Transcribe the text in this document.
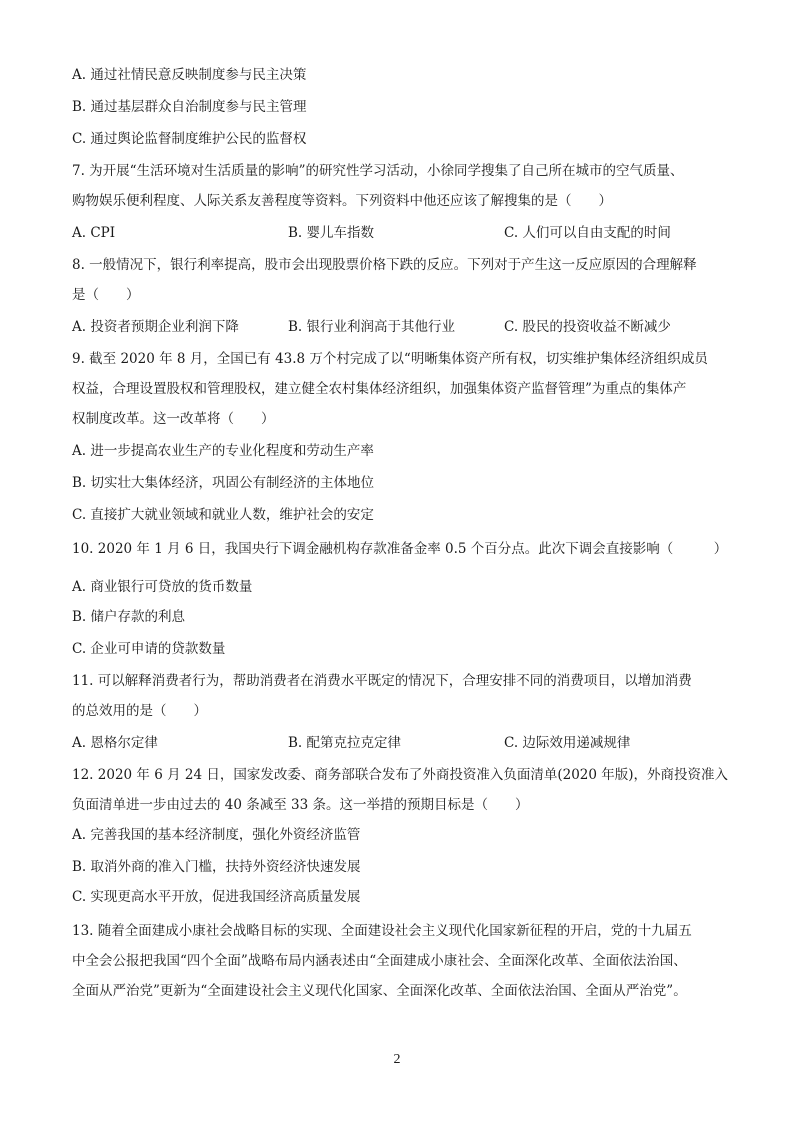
A. 通过社情民意反映制度参与民主决策
B. 通过基层群众自治制度参与民主管理
C. 通过舆论监督制度维护公民的监督权
7. 为开展“生活环境对生活质量的影响”的研究性学习活动，小徐同学搜集了自己所在城市的空气质量、
购物娱乐便利程度、人际关系友善程度等资料。下列资料中他还应该了解搜集的是（　　）
A. CPI	B. 婴儿车指数	C. 人们可以自由支配的时间
8. 一般情况下，银行利率提高，股市会出现股票价格下跌的反应。下列对于产生这一反应原因的合理解释
是（　　）
A. 投资者预期企业利润下降	B. 银行业利润高于其他行业	C. 股民的投资收益不断减少
9. 截至 2020 年 8 月，全国已有 43.8 万个村完成了以“明晰集体资产所有权，切实维护集体经济组织成员
权益，合理设置股权和管理股权，建立健全农村集体经济组织，加强集体资产监督管理”为重点的集体产
权制度改革。这一改革将（　　）
A. 进一步提高农业生产的专业化程度和劳动生产率
B. 切实壮大集体经济，巩固公有制经济的主体地位
C. 直接扩大就业领域和就业人数，维护社会的安定
10. 2020 年 1 月 6 日，我国央行下调金融机构存款准备金率 0.5 个百分点。此次下调会直接影响（　　　）
A. 商业银行可贷放的货币数量
B. 储户存款的利息
C. 企业可申请的贷款数量
11. 可以解释消费者行为，帮助消费者在消费水平既定的情况下，合理安排不同的消费项目，以增加消费
的总效用的是（　　）
A. 恩格尔定律	B. 配第克拉克定律	C. 边际效用递减规律
12. 2020 年 6 月 24 日，国家发改委、商务部联合发布了外商投资准入负面清单(2020 年版)，外商投资准入
负面清单进一步由过去的 40 条减至 33 条。这一举措的预期目标是（　　）
A. 完善我国的基本经济制度，强化外资经济监管
B. 取消外商的准入门槛，扶持外资经济快速发展
C. 实现更高水平开放，促进我国经济高质量发展
13. 随着全面建成小康社会战略目标的实现、全面建设社会主义现代化国家新征程的开启，党的十九届五
中全会公报把我国“四个全面”战略布局内涵表述由“全面建成小康社会、全面深化改革、全面依法治国、
全面从严治党”更新为“全面建设社会主义现代化国家、全面深化改革、全面依法治国、全面从严治党”。
2
